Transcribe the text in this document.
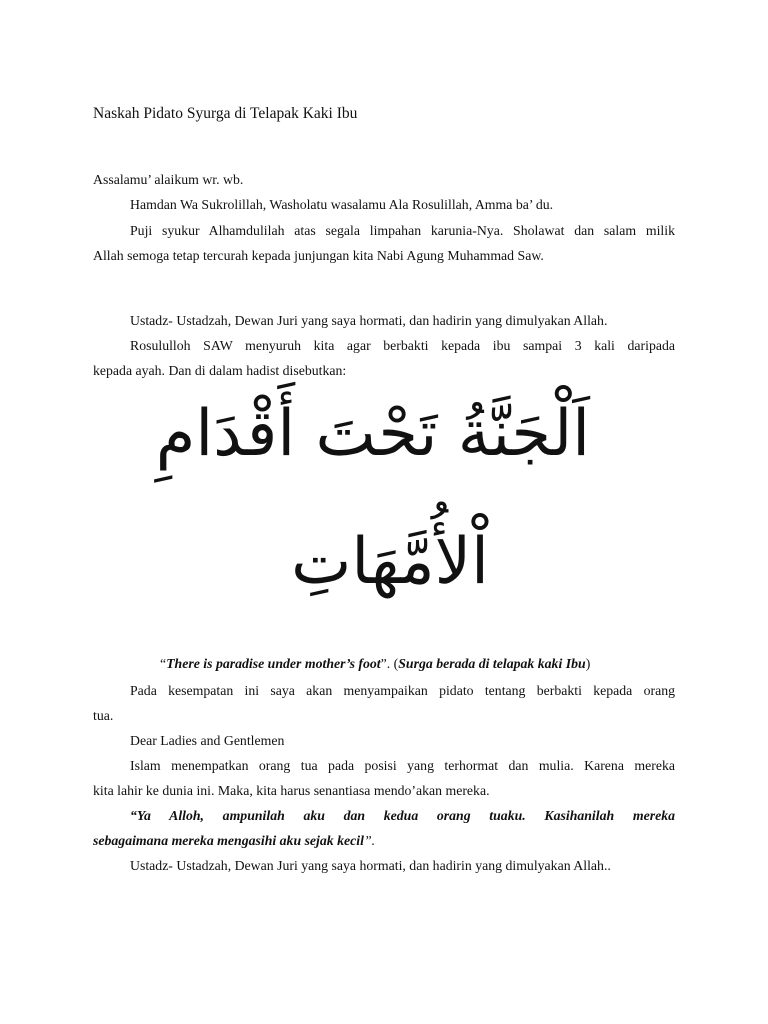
Naskah Pidato Syurga di Telapak Kaki Ibu
Assalamu’ alaikum wr. wb.
Hamdan Wa Sukrolillah, Washolatu wasalamu Ala Rosulillah, Amma ba’ du.
Puji syukur Alhamdulilah atas segala limpahan karunia-Nya. Sholawat dan salam milik
Allah semoga tetap tercurah kepada junjungan kita Nabi Agung Muhammad Saw.
Ustadz- Ustadzah, Dewan Juri yang saya hormati, dan hadirin yang dimulyakan Allah.
Rosululloh SAW menyuruh kita agar berbakti kepada ibu sampai 3 kali daripada
kepada ayah. Dan di dalam hadist disebutkan:
اَلْجَنَّةُ تَحْتَ أَقْدَامِ
اْلأُمَّهَاتِ
“There is paradise under mother’s foot”. (Surga berada di telapak kaki Ibu)
Pada kesempatan ini saya akan menyampaikan pidato tentang berbakti kepada orang
tua.
Dear Ladies and Gentlemen
Islam menempatkan orang tua pada posisi yang terhormat dan mulia. Karena mereka
kita lahir ke dunia ini. Maka, kita harus senantiasa mendo’akan mereka.
“Ya Alloh, ampunilah aku dan kedua orang tuaku. Kasihanilah mereka
sebagaimana mereka mengasihi aku sejak kecil”.
Ustadz- Ustadzah, Dewan Juri yang saya hormati, dan hadirin yang dimulyakan Allah..
